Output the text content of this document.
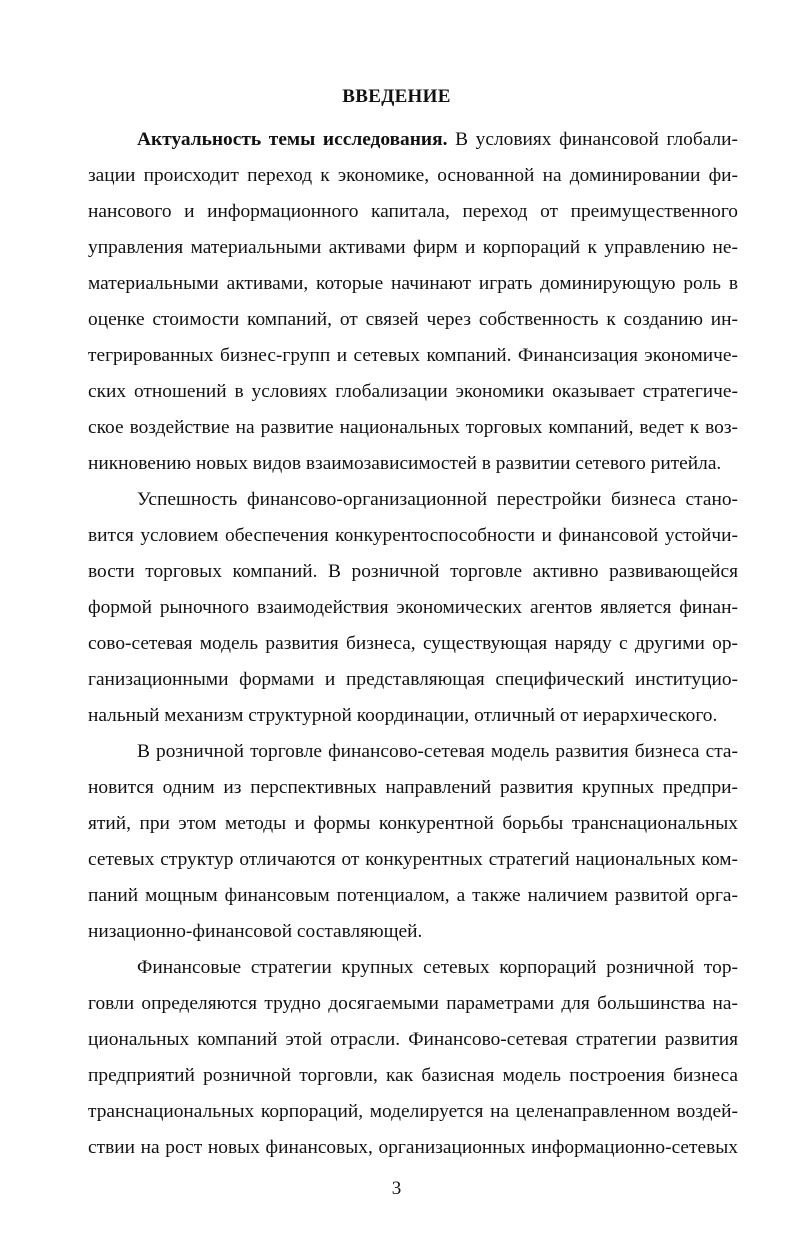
ВВЕДЕНИЕ
Актуальность темы исследования. В условиях финансовой глобали-
зации происходит переход к экономике, основанной на доминировании фи-
нансового и информационного капитала, переход от преимущественного
управления материальными активами фирм и корпораций к управлению не-
материальными активами, которые начинают играть доминирующую роль в
оценке стоимости компаний, от связей через собственность к созданию ин-
тегрированных бизнес-групп и сетевых компаний. Финансизация экономиче-
ских отношений в условиях глобализации экономики оказывает стратегиче-
ское воздействие на развитие национальных торговых компаний, ведет к воз-
никновению новых видов взаимозависимостей в развитии сетевого ритейла.
Успешность финансово-организационной перестройки бизнеса стано-
вится условием обеспечения конкурентоспособности и финансовой устойчи-
вости торговых компаний. В розничной торговле активно развивающейся
формой рыночного взаимодействия экономических агентов является финан-
сово-сетевая модель развития бизнеса, существующая наряду с другими ор-
ганизационными формами и представляющая специфический институцио-
нальный механизм структурной координации, отличный от иерархического.
В розничной торговле финансово-сетевая модель развития бизнеса ста-
новится одним из перспективных направлений развития крупных предпри-
ятий, при этом методы и формы конкурентной борьбы транснациональных
сетевых структур отличаются от конкурентных стратегий национальных ком-
паний мощным финансовым потенциалом, а также наличием развитой орга-
низационно-финансовой составляющей.
Финансовые стратегии крупных сетевых корпораций розничной тор-
говли определяются трудно досягаемыми параметрами для большинства на-
циональных компаний этой отрасли. Финансово-сетевая стратегии развития
предприятий розничной торговли, как базисная модель построения бизнеса
транснациональных корпораций, моделируется на целенаправленном воздей-
ствии на рост новых финансовых, организационных информационно-сетевых
3
